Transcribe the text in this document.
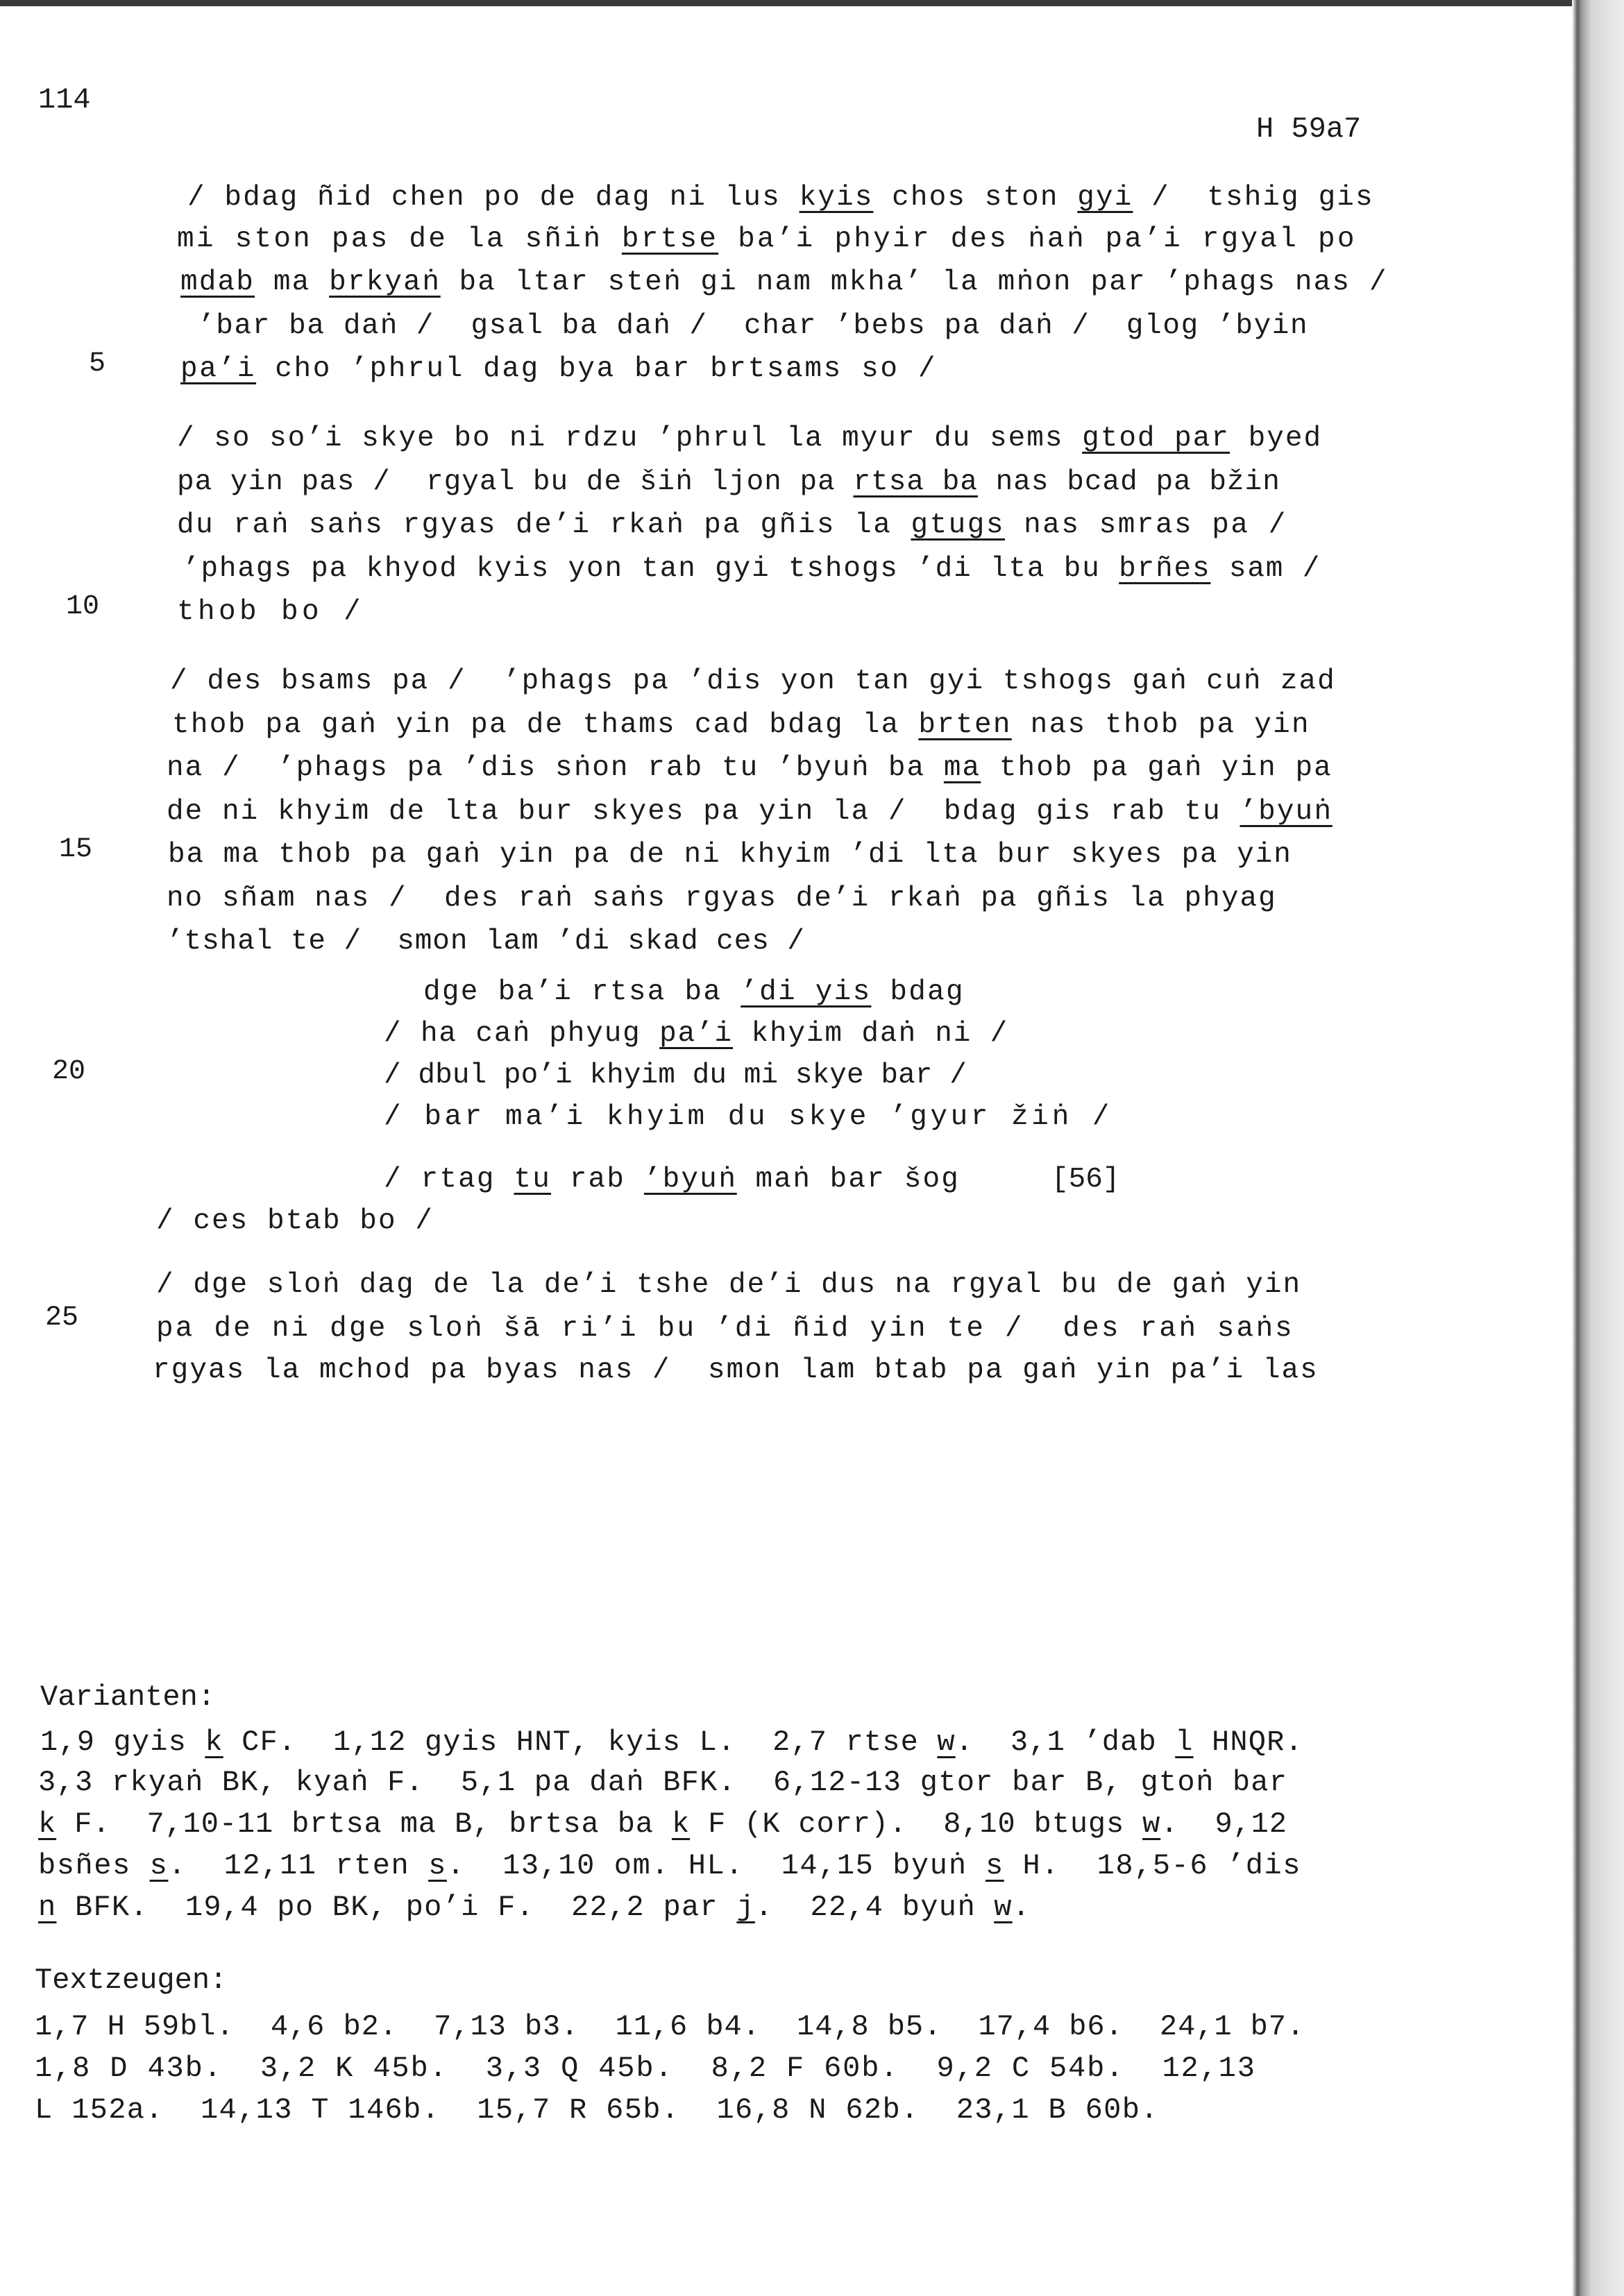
114
H 59a7
/ bdag ñid chen po de dag ni lus kyis chos ston gyi /  tshig gis
mi ston pas de la sñiṅ brtse ba’i phyir des ṅaṅ pa’i rgyal po
mdab ma brkyaṅ ba ltar steṅ gi nam mkha’ la mṅon par ’phags nas /
’bar ba daṅ /  gsal ba daṅ /  char ’bebs pa daṅ /  glog ’byin
pa’i cho ’phrul dag bya bar brtsams so /
/ so so’i skye bo ni rdzu ’phrul la myur du sems gtod par byed
pa yin pas /  rgyal bu de šiṅ ljon pa rtsa ba nas bcad pa bžin
du raṅ saṅs rgyas de’i rkaṅ pa gñis la gtugs nas smras pa /
’phags pa khyod kyis yon tan gyi tshogs ’di lta bu brñes sam /
thob bo /
/ des bsams pa /  ’phags pa ’dis yon tan gyi tshogs gaṅ cuṅ zad
thob pa gaṅ yin pa de thams cad bdag la brten nas thob pa yin
na /  ’phags pa ’dis sṅon rab tu ’byuṅ ba ma thob pa gaṅ yin pa
de ni khyim de lta bur skyes pa yin la /  bdag gis rab tu ’byuṅ
ba ma thob pa gaṅ yin pa de ni khyim ’di lta bur skyes pa yin
no sñam nas /  des raṅ saṅs rgyas de’i rkaṅ pa gñis la phyag
’tshal te /  smon lam ’di skad ces /
dge ba’i rtsa ba ’di yis bdag
/ ha caṅ phyug pa’i khyim daṅ ni /
/ dbul po’i khyim du mi skye bar /
/ bar ma’i khyim du skye ’gyur žiṅ /
/ rtag tu rab ’byuṅ maṅ bar šog
/ ces btab bo /
/ dge sloṅ dag de la de’i tshe de’i dus na rgyal bu de gaṅ yin
pa de ni dge sloṅ šā ri’i bu ’di ñid yin te /  des raṅ saṅs
rgyas la mchod pa byas nas /  smon lam btab pa gaṅ yin pa’i las
5
10
15
20
25
[56]
Varianten:
1,9 gyis k CF.  1,12 gyis HNT, kyis L.  2,7 rtse w.  3,1 ’dab l HNQR.
3,3 rkyaṅ BK, kyaṅ F.  5,1 pa daṅ BFK.  6,12-13 gtor bar B, gtoṅ bar
k F.  7,10-11 brtsa ma B, brtsa ba k F (K corr).  8,10 btugs w.  9,12
bsñes s.  12,11 rten s.  13,10 om. HL.  14,15 byuṅ s H.  18,5-6 ’dis
n BFK.  19,4 po BK, po’i F.  22,2 par j.  22,4 byuṅ w.
Textzeugen:
1,7 H 59bl.  4,6 b2.  7,13 b3.  11,6 b4.  14,8 b5.  17,4 b6.  24,1 b7.
1,8 D 43b.  3,2 K 45b.  3,3 Q 45b.  8,2 F 60b.  9,2 C 54b.  12,13
L 152a.  14,13 T 146b.  15,7 R 65b.  16,8 N 62b.  23,1 B 60b.
